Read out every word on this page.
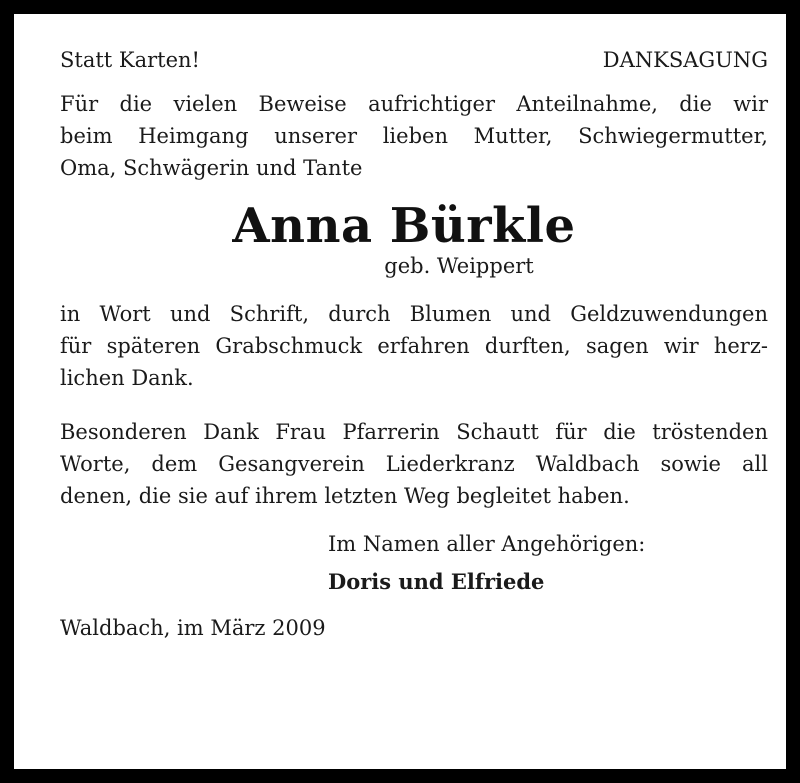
Statt Karten!	DANKSAGUNG

Für die vielen Beweise aufrichtiger Anteilnahme, die wir
beim Heimgang unserer lieben Mutter, Schwiegermutter,
Oma, Schwägerin und Tante

Anna Bürkle
geb. Weippert

in Wort und Schrift, durch Blumen und Geldzuwendungen
für späteren Grabschmuck erfahren durften, sagen wir herz-
lichen Dank.

Besonderen Dank Frau Pfarrerin Schautt für die tröstenden
Worte, dem Gesangverein Liederkranz Waldbach sowie all
denen, die sie auf ihrem letzten Weg begleitet haben.

Im Namen aller Angehörigen:
Doris und Elfriede
Waldbach, im März 2009
